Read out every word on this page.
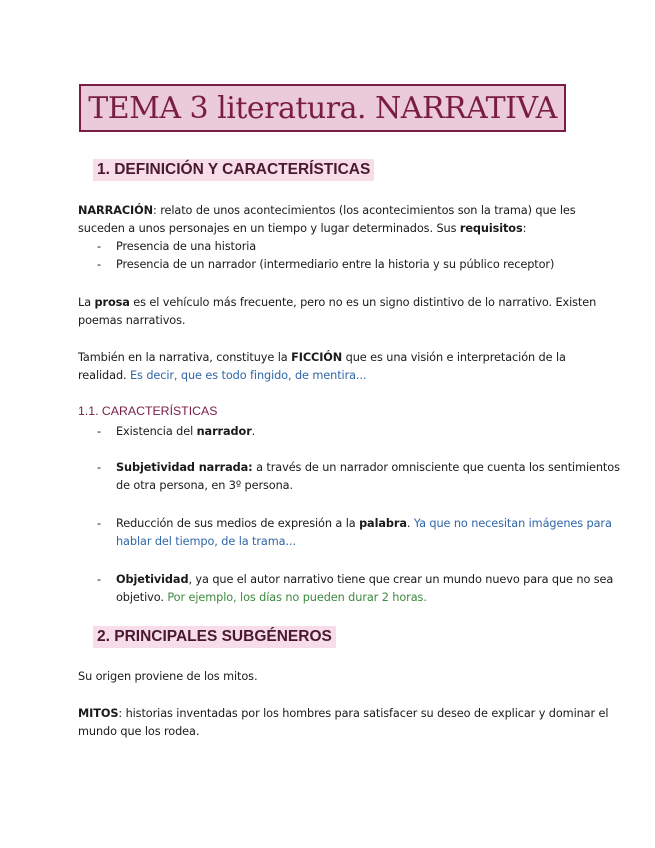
TEMA 3 literatura. NARRATIVA
1. DEFINICIÓN Y CARACTERÍSTICAS

NARRACIÓN: relato de unos acontecimientos (los acontecimientos son la trama) que les

suceden a unos personajes en un tiempo y lugar determinados. Sus requisitos:

- Presencia de una historia
- Presencia de un narrador (intermediario entre la historia y su público receptor)

La prosa es el vehículo más frecuente, pero no es un signo distintivo de lo narrativo. Existen

poemas narrativos.

También en la narrativa, constituye la FICCIÓN que es una visión e interpretación de la

realidad. Es decir, que es todo fingido, de mentira...

1.1. CARACTERÍSTICAS
- Existencia del narrador.
- Subjetividad narrada: a través de un narrador omnisciente que cuenta los sentimientos
de otra persona, en 3º persona.
- Reducción de sus medios de expresión a la palabra. Ya que no necesitan imágenes para
hablar del tiempo, de la trama...
- Objetividad, ya que el autor narrativo tiene que crear un mundo nuevo para que no sea
objetivo. Por ejemplo, los días no pueden durar 2 horas.
2. PRINCIPALES SUBGÉNEROS

Su origen proviene de los mitos.

MITOS: historias inventadas por los hombres para satisfacer su deseo de explicar y dominar el

mundo que los rodea.
